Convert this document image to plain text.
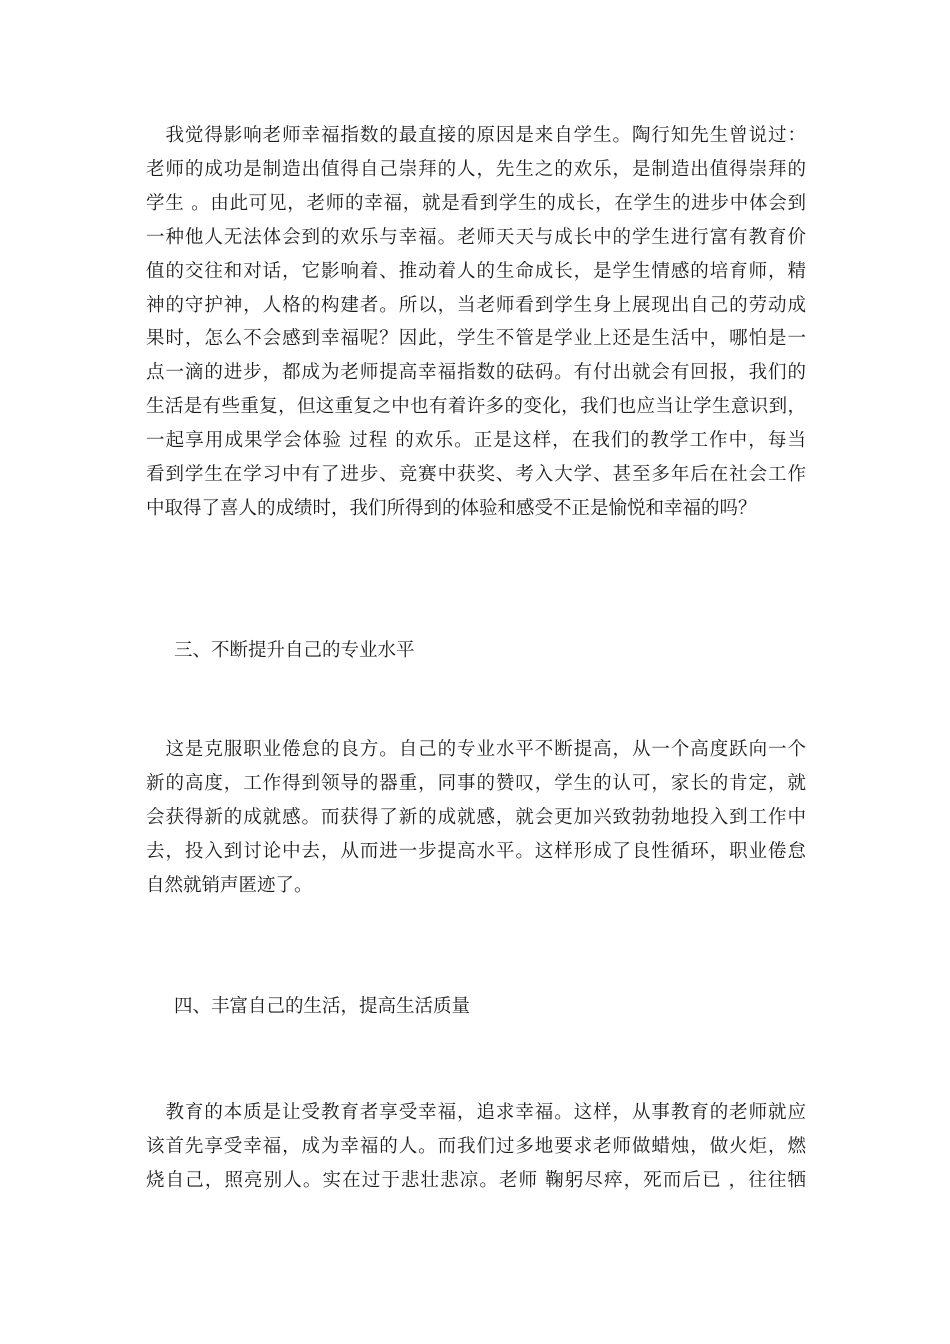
　我觉得影响老师幸福指数的最直接的原因是来自学生。陶行知先生曾说过：
老师的成功是制造出值得自己崇拜的人，先生之的欢乐，是制造出值得崇拜的
学生 。由此可见，老师的幸福，就是看到学生的成长，在学生的进步中体会到
一种他人无法体会到的欢乐与幸福。老师天天与成长中的学生进行富有教育价
值的交往和对话，它影响着、推动着人的生命成长，是学生情感的培育师，精
神的守护神，人格的构建者。所以，当老师看到学生身上展现出自己的劳动成
果时，怎么不会感到幸福呢？因此，学生不管是学业上还是生活中，哪怕是一
点一滴的进步，都成为老师提高幸福指数的砝码。有付出就会有回报，我们的
生活是有些重复，但这重复之中也有着许多的变化，我们也应当让学生意识到，
一起享用成果学会体验 过程 的欢乐。正是这样，在我们的教学工作中，每当
看到学生在学习中有了进步、竞赛中获奖、考入大学、甚至多年后在社会工作
中取得了喜人的成绩时，我们所得到的体验和感受不正是愉悦和幸福的吗？
三、不断提升自己的专业水平
　这是克服职业倦怠的良方。自己的专业水平不断提高，从一个高度跃向一个
新的高度，工作得到领导的器重，同事的赞叹，学生的认可，家长的肯定，就
会获得新的成就感。而获得了新的成就感，就会更加兴致勃勃地投入到工作中
去，投入到讨论中去，从而进一步提高水平。这样形成了良性循环，职业倦怠
自然就销声匿迹了。
四、丰富自己的生活，提高生活质量
　教育的本质是让受教育者享受幸福，追求幸福。这样，从事教育的老师就应
该首先享受幸福，成为幸福的人。而我们过多地要求老师做蜡烛，做火炬，燃
烧自己，照亮别人。实在过于悲壮悲凉。老师 鞠躬尽瘁，死而后已 ，往往牺
